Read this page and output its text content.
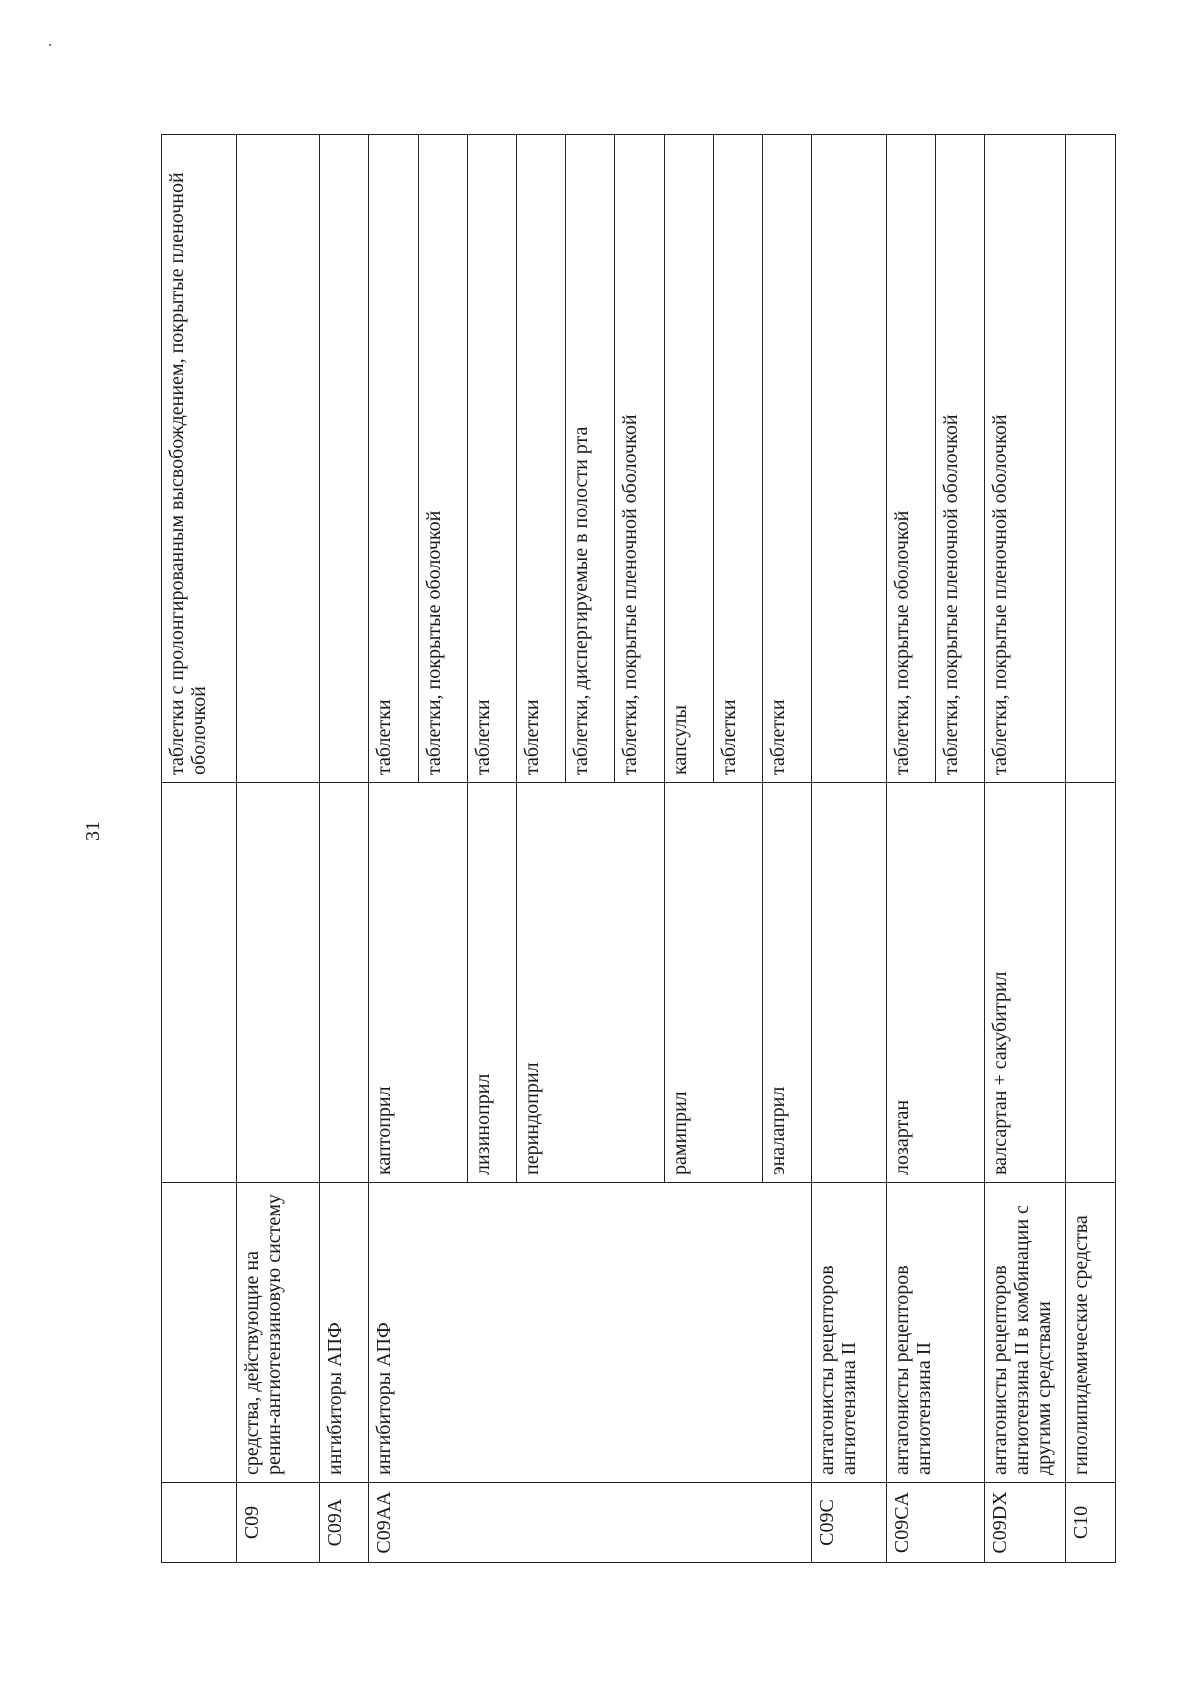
31
			таблетки с пролонгированным высвобождением, покрытые пленочной оболочкой
C09	средства, действующие на ренин-ангиотензиновую систему		
C09A	ингибиторы АПФ		
C09AA	ингибиторы АПФ	каптоприл	таблетки
			таблетки, покрытые оболочкой
		лизиноприл	таблетки
		периндоприл	таблетки
			таблетки, диспергируемые в полости рта
			таблетки, покрытые пленочной оболочкой
		рамиприл	капсулы
			таблетки
		эналаприл	таблетки
C09C	антагонисты рецепторов ангиотензина II		
C09CA	антагонисты рецепторов ангиотензина II	лозартан	таблетки, покрытые оболочкой
			таблетки, покрытые пленочной оболочкой
C09DX	антагонисты рецепторов ангиотензина II в комбинации с другими средствами	валсартан + сакубитрил	таблетки, покрытые пленочной оболочкой
C10	гиполипидемические средства		
